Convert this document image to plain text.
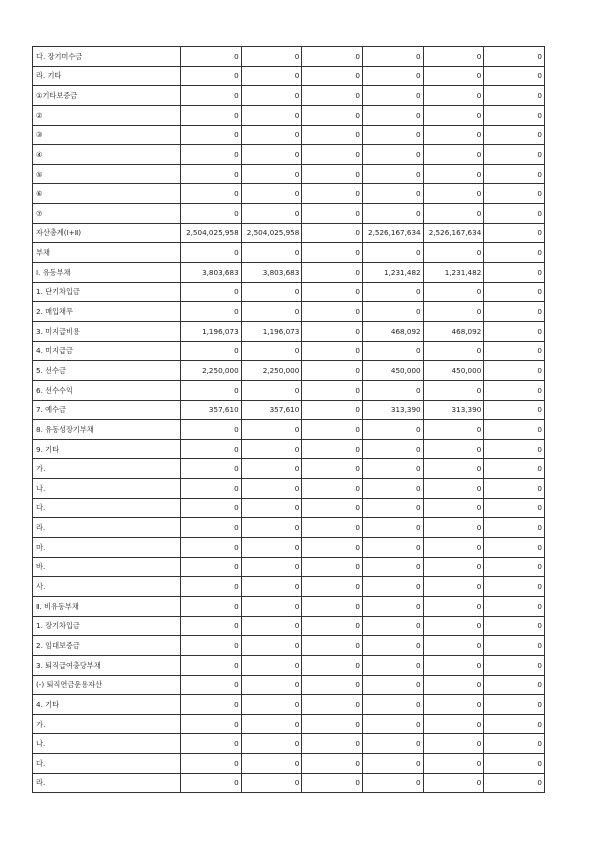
다. 장기미수금	0	0	0	0	0	0
라. 기타	0	0	0	0	0	0
①기타보증금	0	0	0	0	0	0
②	0	0	0	0	0	0
③	0	0	0	0	0	0
④	0	0	0	0	0	0
⑤	0	0	0	0	0	0
⑥	0	0	0	0	0	0
⑦	0	0	0	0	0	0
자산총계(Ⅰ+Ⅱ)	2,504,025,958	2,504,025,958	0	2,526,167,634	2,526,167,634	0
부채	0	0	0	0	0	0
Ⅰ. 유동부채	3,803,683	3,803,683	0	1,231,482	1,231,482	0
1. 단기차입금	0	0	0	0	0	0
2. 매입채무	0	0	0	0	0	0
3. 미지급비용	1,196,073	1,196,073	0	468,092	468,092	0
4. 미지급금	0	0	0	0	0	0
5. 선수금	2,250,000	2,250,000	0	450,000	450,000	0
6. 선수수익	0	0	0	0	0	0
7. 예수금	357,610	357,610	0	313,390	313,390	0
8. 유동성장기부채	0	0	0	0	0	0
9. 기타	0	0	0	0	0	0
가.	0	0	0	0	0	0
나.	0	0	0	0	0	0
다.	0	0	0	0	0	0
라.	0	0	0	0	0	0
마.	0	0	0	0	0	0
바.	0	0	0	0	0	0
사.	0	0	0	0	0	0
Ⅱ. 비유동부채	0	0	0	0	0	0
1. 장기차입금	0	0	0	0	0	0
2. 임대보증금	0	0	0	0	0	0
3. 퇴직급여충당부채	0	0	0	0	0	0
(-) 퇴직연금운용자산	0	0	0	0	0	0
4. 기타	0	0	0	0	0	0
가.	0	0	0	0	0	0
나.	0	0	0	0	0	0
다.	0	0	0	0	0	0
라.	0	0	0	0	0	0
